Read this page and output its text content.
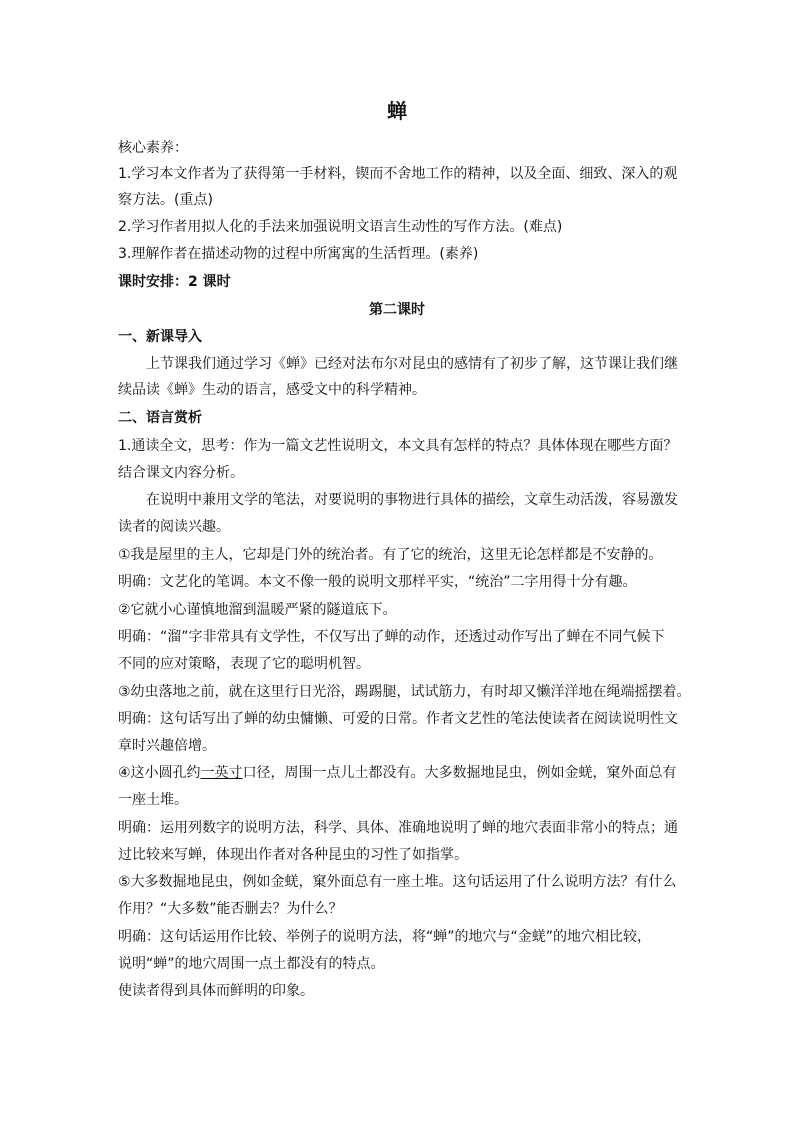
蝉
核心素养：
1.学习本文作者为了获得第一手材料，锲而不舍地工作的精神，以及全面、细致、深入的观
察方法。(重点)
2.学习作者用拟人化的手法来加强说明文语言生动性的写作方法。(难点)
3.理解作者在描述动物的过程中所寓寓的生活哲理。(素养)
课时安排：2 课时
第二课时
一、新课导入
上节课我们通过学习《蝉》已经对法布尔对昆虫的感情有了初步了解，这节课让我们继
续品读《蝉》生动的语言，感受文中的科学精神。
二、语言赏析
1.通读全文，思考：作为一篇文艺性说明文，本文具有怎样的特点？具体体现在哪些方面？
结合课文内容分析。
在说明中兼用文学的笔法，对要说明的事物进行具体的描绘，文章生动活泼，容易激发
读者的阅读兴趣。
①我是屋里的主人，它却是门外的统治者。有了它的统治，这里无论怎样都是不安静的。
明确：文艺化的笔调。本文不像一般的说明文那样平实，“统治”二字用得十分有趣。
②它就小心谨慎地溜到温暖严紧的隧道底下。
明确：“溜”字非常具有文学性，不仅写出了蝉的动作，还透过动作写出了蝉在不同气候下
不同的应对策略，表现了它的聪明机智。
③幼虫落地之前，就在这里行日光浴，踢踢腿，试试筋力，有时却又懒洋洋地在绳端摇摆着。
明确：这句话写出了蝉的幼虫慵懒、可爱的日常。作者文艺性的笔法使读者在阅读说明性文
章时兴趣倍增。
④这小圆孔约一英寸口径，周围一点儿土都没有。大多数掘地昆虫，例如金蜣，窠外面总有
一座土堆。
明确：运用列数字的说明方法，科学、具体、准确地说明了蝉的地穴表面非常小的特点；通
过比较来写蝉，体现出作者对各种昆虫的习性了如指掌。
⑤大多数掘地昆虫，例如金蜣，窠外面总有一座土堆。这句话运用了什么说明方法？有什么
作用？“大多数”能否删去？为什么？
明确：这句话运用作比较、举例子的说明方法，将“蝉”的地穴与“金蜣”的地穴相比较，
说明“蝉”的地穴周围一点土都没有的特点。
使读者得到具体而鲜明的印象。
